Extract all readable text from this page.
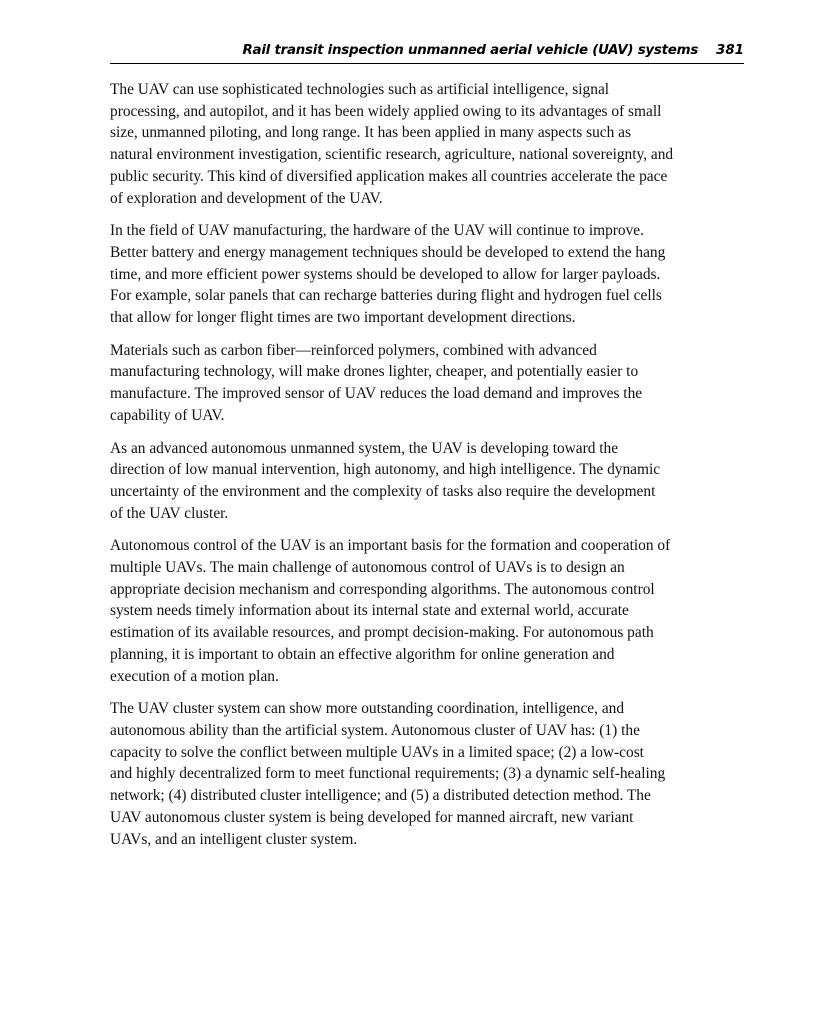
Rail transit inspection unmanned aerial vehicle (UAV) systems 381

The UAV can use sophisticated technologies such as artificial intelligence, signal
processing, and autopilot, and it has been widely applied owing to its advantages of small
size, unmanned piloting, and long range. It has been applied in many aspects such as
natural environment investigation, scientific research, agriculture, national sovereignty, and
public security. This kind of diversified application makes all countries accelerate the pace
of exploration and development of the UAV.

In the field of UAV manufacturing, the hardware of the UAV will continue to improve.
Better battery and energy management techniques should be developed to extend the hang
time, and more efficient power systems should be developed to allow for larger payloads.
For example, solar panels that can recharge batteries during flight and hydrogen fuel cells
that allow for longer flight times are two important development directions.

Materials such as carbon fiber—reinforced polymers, combined with advanced
manufacturing technology, will make drones lighter, cheaper, and potentially easier to
manufacture. The improved sensor of UAV reduces the load demand and improves the
capability of UAV.

As an advanced autonomous unmanned system, the UAV is developing toward the
direction of low manual intervention, high autonomy, and high intelligence. The dynamic
uncertainty of the environment and the complexity of tasks also require the development
of the UAV cluster.

Autonomous control of the UAV is an important basis for the formation and cooperation of
multiple UAVs. The main challenge of autonomous control of UAVs is to design an
appropriate decision mechanism and corresponding algorithms. The autonomous control
system needs timely information about its internal state and external world, accurate
estimation of its available resources, and prompt decision-making. For autonomous path
planning, it is important to obtain an effective algorithm for online generation and
execution of a motion plan.

The UAV cluster system can show more outstanding coordination, intelligence, and
autonomous ability than the artificial system. Autonomous cluster of UAV has: (1) the
capacity to solve the conflict between multiple UAVs in a limited space; (2) a low-cost
and highly decentralized form to meet functional requirements; (3) a dynamic self-healing
network; (4) distributed cluster intelligence; and (5) a distributed detection method. The
UAV autonomous cluster system is being developed for manned aircraft, new variant
UAVs, and an intelligent cluster system.
